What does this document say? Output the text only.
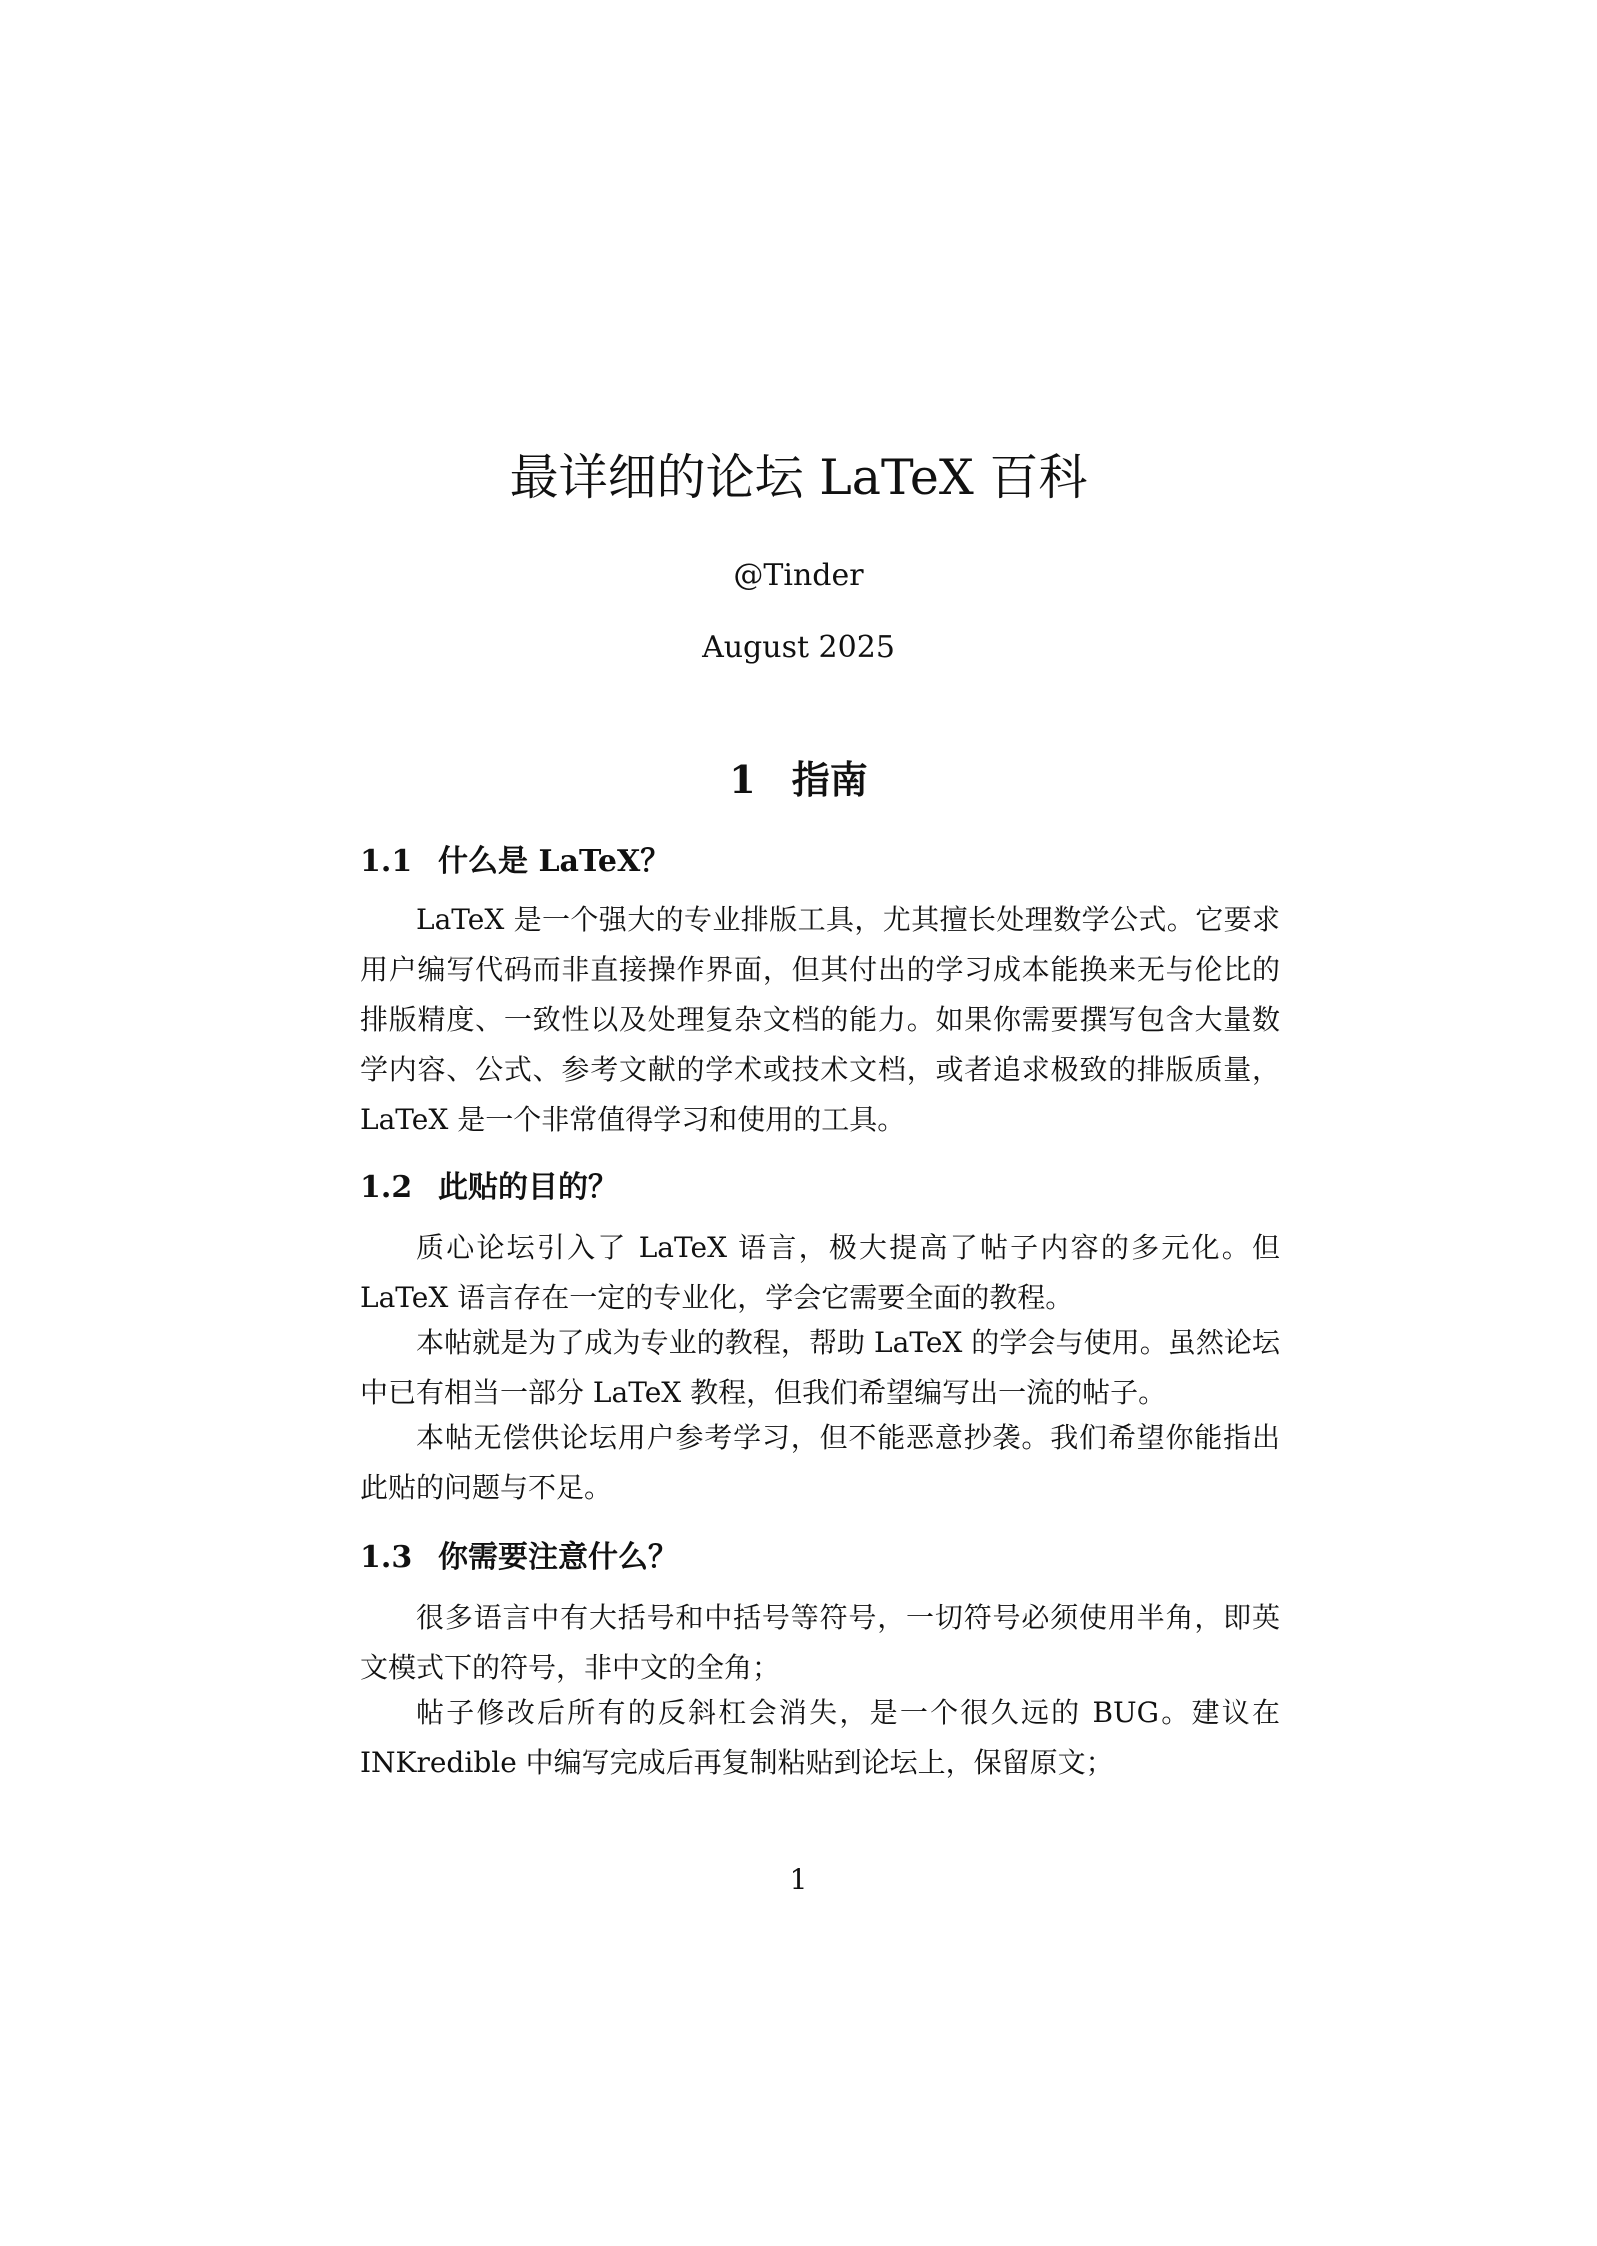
最详细的论坛 LaTeX 百科

@Tinder

August 2025

1 指南
1.1 什么是 LaTeX？

LaTeX 是一个强大的专业排版工具，尤其擅长处理数学公式。它要求用户编写代码而非直接操作界面，但其付出的学习成本能换来无与伦比的排版精度、一致性以及处理复杂文档的能力。如果你需要撰写包含大量数学内容、公式、参考文献的学术或技术文档，或者追求极致的排版质量，LaTeX 是一个非常值得学习和使用的工具。

1.2 此贴的目的？

质心论坛引入了 LaTeX 语言，极大提高了帖子内容的多元化。但 LaTeX 语言存在一定的专业化，学会它需要全面的教程。

本帖就是为了成为专业的教程，帮助 LaTeX 的学会与使用。虽然论坛中已有相当一部分 LaTeX 教程，但我们希望编写出一流的帖子。

本帖无偿供论坛用户参考学习，但不能恶意抄袭。我们希望你能指出此贴的问题与不足。

1.3 你需要注意什么？

很多语言中有大括号和中括号等符号，一切符号必须使用半角，即英文模式下的符号，非中文的全角；

帖子修改后所有的反斜杠会消失，是一个很久远的 BUG。建议在 INKredible 中编写完成后再复制粘贴到论坛上，保留原文；

1
